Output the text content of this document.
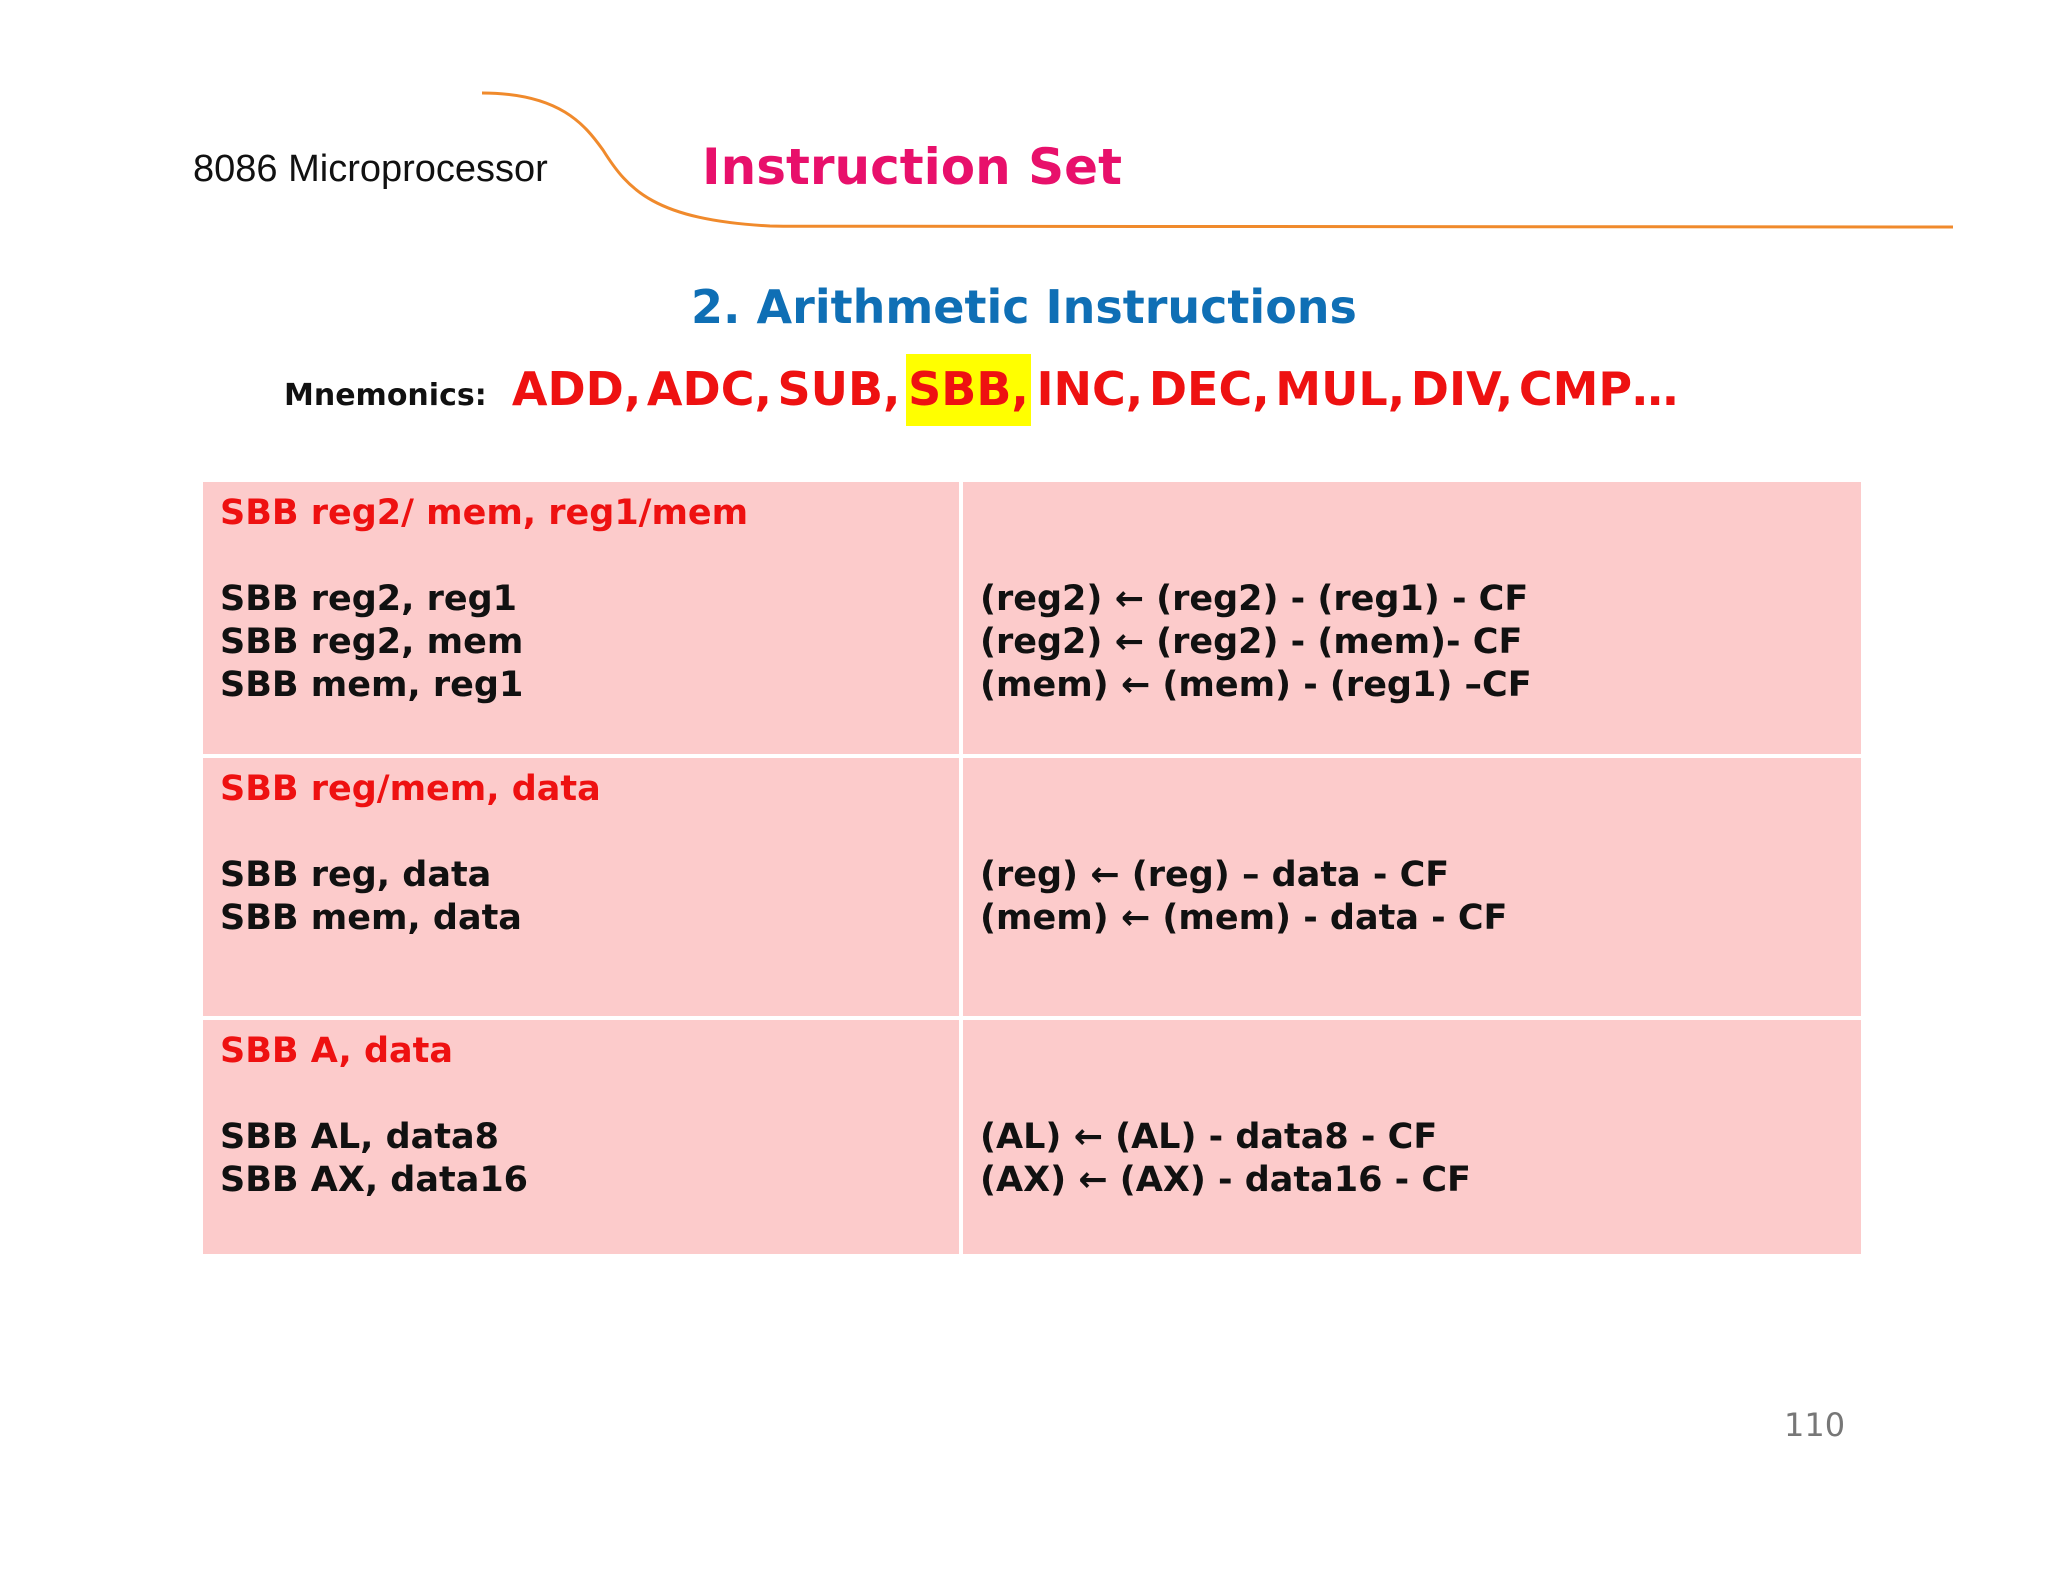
8086 Microprocessor	Instruction Set
2. Arithmetic Instructions
Mnemonics: ADD, ADC, SUB, SBB, INC, DEC, MUL, DIV, CMP…
SBB reg2/ mem, reg1/mem
SBB reg2, reg1
SBB reg2, mem
SBB mem, reg1
(reg2) ← (reg2) - (reg1) - CF
(reg2) ← (reg2) - (mem)- CF
(mem) ← (mem) - (reg1) –CF
SBB reg/mem, data
SBB reg, data
SBB mem, data
(reg) ← (reg) – data - CF
(mem) ← (mem) - data - CF
SBB A, data
SBB AL, data8
SBB AX, data16
(AL) ← (AL) - data8 - CF
(AX) ← (AX) - data16 - CF
110
